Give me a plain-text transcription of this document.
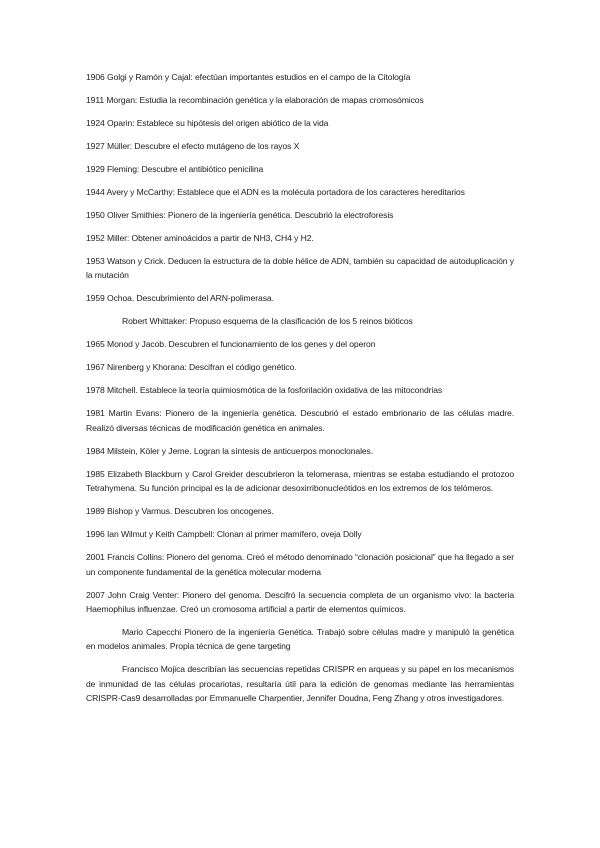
1906 Golgi y Ramón y Cajal: efectúan importantes estudios en el campo de la Citología

1911 Morgan: Estudia la recombinación genética y la elaboración de mapas cromosómicos

1924 Oparin: Establece su hipótesis del origen abiótico de la vida

1927 Müller: Descubre el efecto mutágeno de los rayos X

1929 Fleming: Descubre el antibiótico penicilina

1944 Avery y McCarthy: Establece que el ADN es la molécula portadora de los caracteres hereditarios

1950 Oliver Smithies: Pionero de la ingeniería genética. Descubrió la electroforesis

1952 Miller: Obtener aminoácidos a partir de NH3, CH4 y H2.

1953 Watson y Crick. Deducen la estructura de la doble hélice de ADN, también su capacidad de autoduplicación y la mutación

1959 Ochoa. Descubrimiento del ARN-polimerasa.

Robert Whittaker: Propuso esquema de la clasificación de los 5 reinos bióticos

1965 Monod y Jacob. Descubren el funcionamiento de los genes y del operon

1967 Nirenberg y Khorana: Descifran el código genético.

1978 Mitchell. Establece la teoría quimiosmótica de la fosforilación oxidativa de las mitocondrias

1981 Martin Evans: Pionero de la ingeniería genética. Descubrió el estado embrionario de las células madre. Realizó diversas técnicas de modificación genética en animales.

1984 Milstein, Köler y Jerne. Logran la síntesis de anticuerpos monoclonales.

1985 Elizabeth Blackburn y Carol Greider descubrieron la telomerasa, mientras se estaba estudiando el protozoo Tetrahymena. Su función principal es la de adicionar desoxirribonucleótidos en los extremos de los telómeros.

1989 Bishop y Varmus. Descubren los oncogenes.

1996 Ian Wilmut y Keith Campbell: Clonan al primer mamífero, oveja Dolly

2001 Francis Collins: Pionero del genoma. Creó el método denominado “clonación posicional” que ha llegado a ser un componente fundamental de la genética molecular moderna

2007 John Craig Venter: Pionero del genoma. Descifró la secuencia completa de un organismo vivo: la bacteria Haemophilus influenzae. Creó un cromosoma artificial a partir de elementos químicos.

Mario Capecchi Pionero de la ingeniería Genética. Trabajó sobre células madre y manipuló la genética en modelos animales. Propia técnica de gene targeting

Francisco Mojica describían las secuencias repetidas CRISPR en arqueas y su papel en los mecanismos de inmunidad de las células procariotas, resultaría útil para la edición de genomas mediante las herramientas CRISPR-Cas9 desarrolladas por Emmanuelle Charpentier, Jennifer Doudna, Feng Zhang y otros investigadores.
